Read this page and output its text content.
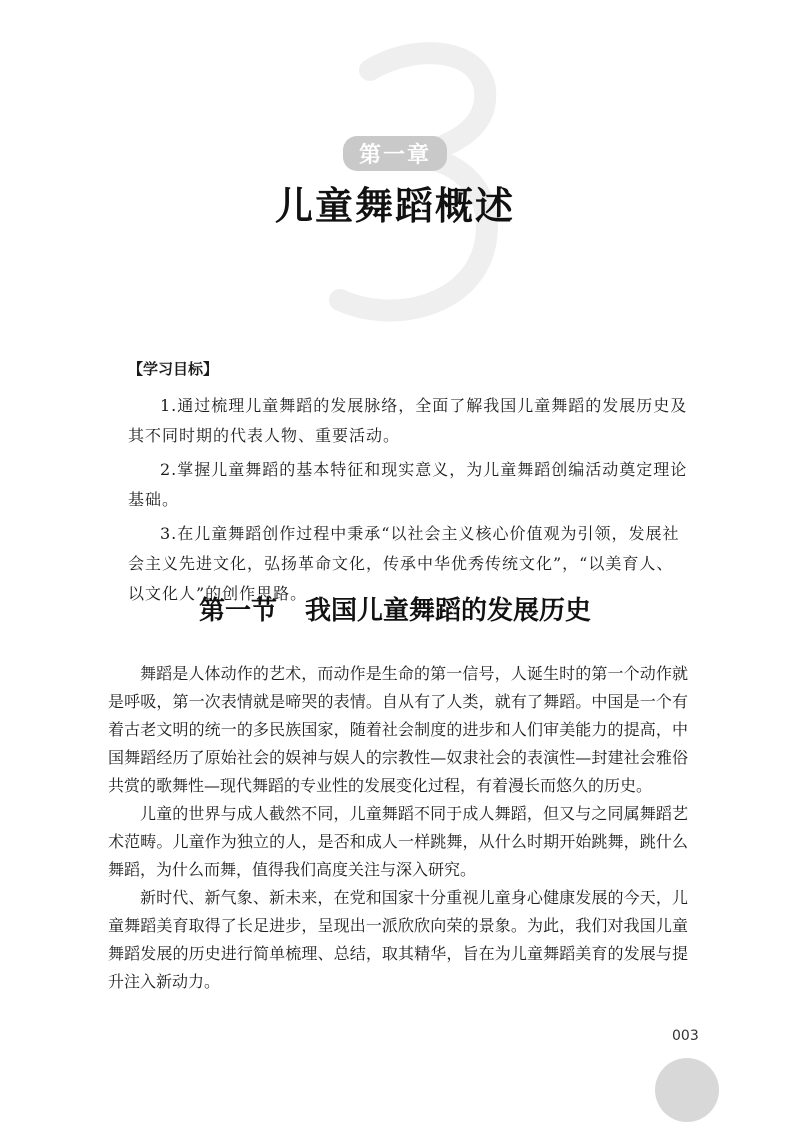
第一章
儿童舞蹈概述
【学习目标】

1.通过梳理儿童舞蹈的发展脉络，全面了解我国儿童舞蹈的发展历史及其不同时期的代表人物、重要活动。

2.掌握儿童舞蹈的基本特征和现实意义，为儿童舞蹈创编活动奠定理论基础。

3.在儿童舞蹈创作过程中秉承“以社会主义核心价值观为引领，发展社会主义先进文化，弘扬革命文化，传承中华优秀传统文化”，“以美育人、以文化人”的创作思路。

第一节 我国儿童舞蹈的发展历史

舞蹈是人体动作的艺术，而动作是生命的第一信号，人诞生时的第一个动作就是呼吸，第一次表情就是啼哭的表情。自从有了人类，就有了舞蹈。中国是一个有着古老文明的统一的多民族国家，随着社会制度的进步和人们审美能力的提高，中国舞蹈经历了原始社会的娱神与娱人的宗教性—奴隶社会的表演性—封建社会雅俗共赏的歌舞性—现代舞蹈的专业性的发展变化过程，有着漫长而悠久的历史。

儿童的世界与成人截然不同，儿童舞蹈不同于成人舞蹈，但又与之同属舞蹈艺术范畴。儿童作为独立的人，是否和成人一样跳舞，从什么时期开始跳舞，跳什么舞蹈，为什么而舞，值得我们高度关注与深入研究。

新时代、新气象、新未来，在党和国家十分重视儿童身心健康发展的今天，儿童舞蹈美育取得了长足进步，呈现出一派欣欣向荣的景象。为此，我们对我国儿童舞蹈发展的历史进行简单梳理、总结，取其精华，旨在为儿童舞蹈美育的发展与提升注入新动力。

003
